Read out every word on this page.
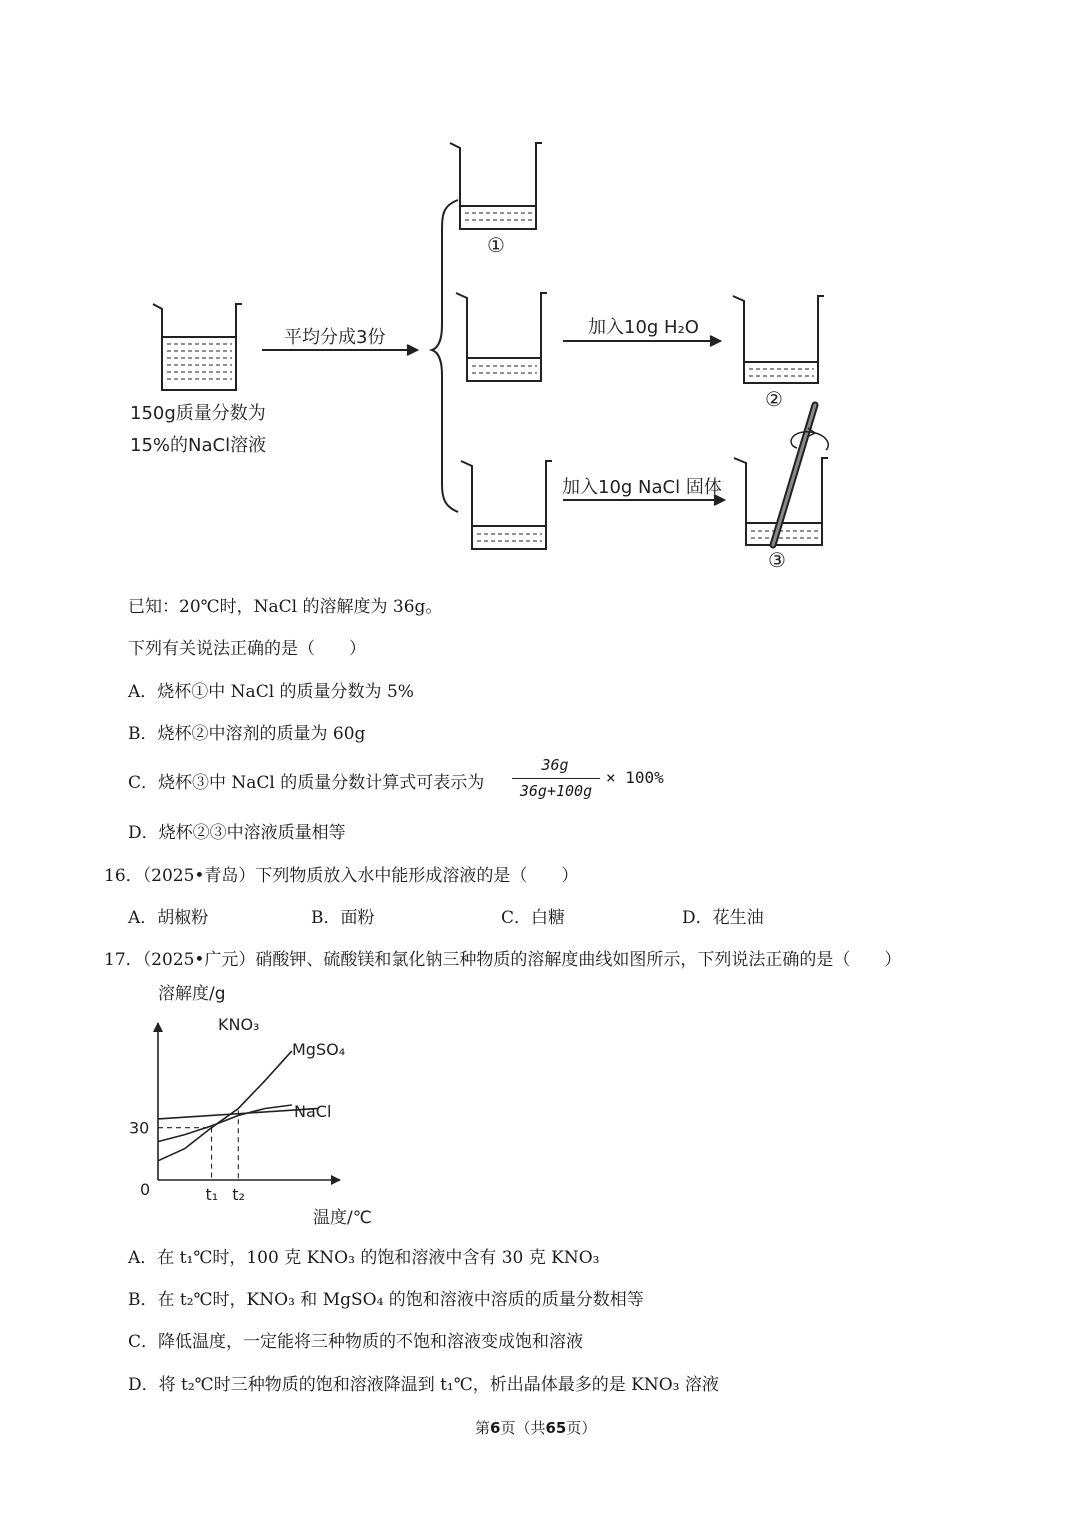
平均分成3份
150g质量分数为
15%的NaCl溶液
①
加入10g H₂O
②
加入10g NaCl 固体
③
已知：20℃时，NaCl 的溶解度为 36g。
下列有关说法正确的是（　　）
A．烧杯①中 NaCl 的质量分数为 5%
B．烧杯②中溶剂的质量为 60g
C．烧杯③中 NaCl 的质量分数计算式可表示为
36g
36g+100g
× 100%
D．烧杯②③中溶液质量相等
16．（2025•青岛）下列物质放入水中能形成溶液的是（　　）
A．胡椒粉	B．面粉	C．白糖	D．花生油
17．（2025•广元）硝酸钾、硫酸镁和氯化钠三种物质的溶解度曲线如图所示，下列说法正确的是（　　）
溶解度/g
温度/℃
0
30
t₁ t₂
KNO₃
MgSO₄
NaCl
A．在 t₁℃时，100 克 KNO₃ 的饱和溶液中含有 30 克 KNO₃
B．在 t₂℃时，KNO₃ 和 MgSO₄ 的饱和溶液中溶质的质量分数相等
C．降低温度，一定能将三种物质的不饱和溶液变成饱和溶液
D．将 t₂℃时三种物质的饱和溶液降温到 t₁℃，析出晶体最多的是 KNO₃ 溶液
第6页（共65页）
